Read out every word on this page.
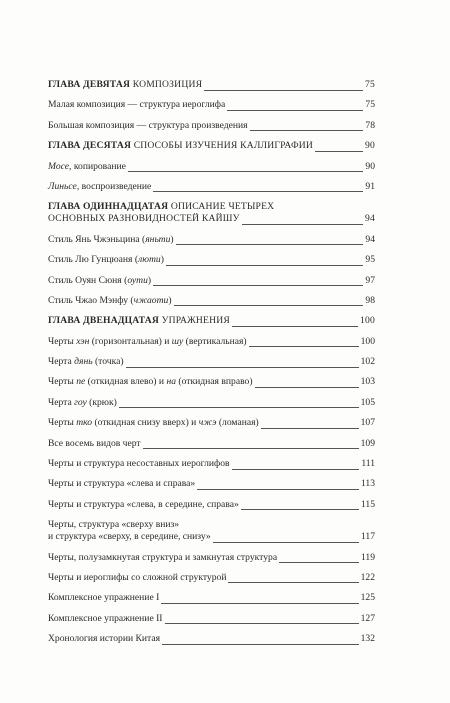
ГЛАВА ДЕВЯТАЯ КОМПОЗИЦИЯ	75
Малая композиция — структура иероглифа	75
Большая композиция — структура произведения	78
ГЛАВА ДЕСЯТАЯ СПОСОБЫ ИЗУЧЕНИЯ КАЛЛИГРАФИИ	90
Мосе, копирование	90
Линьсе, воспроизведение	91
ГЛАВА ОДИННАДЦАТАЯ ОПИСАНИЕ ЧЕТЫРЕХ
ОСНОВНЫХ РАЗНОВИДНОСТЕЙ КАЙШУ	94
Стиль Янь Чжэньцина (яньти)	94
Стиль Лю Гунцюаня (люти)	95
Стиль Оуян Сюня (оути)	97
Стиль Чжао Мэнфу (чжаоти)	98
ГЛАВА ДВЕНАДЦАТАЯ УПРАЖНЕНИЯ	100
Черты хэн (горизонтальная) и шу (вертикальная)	100
Черта дянь (точка)	102
Черты пе (откидная влево) и на (откидная вправо)	103
Черта гоу (крюк)	105
Черты тко (откидная снизу вверх) и чжэ (ломаная)	107
Все восемь видов черт	109
Черты и структура несоставных иероглифов	111
Черты и структура «слева и справа»	113
Черты и структура «слева, в середине, справа»	115
Черты, структура «сверху вниз»
и структура «сверху, в середине, снизу»	117
Черты, полузамкнутая структура и замкнутая структура	119
Черты и иероглифы со сложной структурой	122
Комплексное упражнение I	125
Комплексное упражнение II	127
Хронология истории Китая	132
